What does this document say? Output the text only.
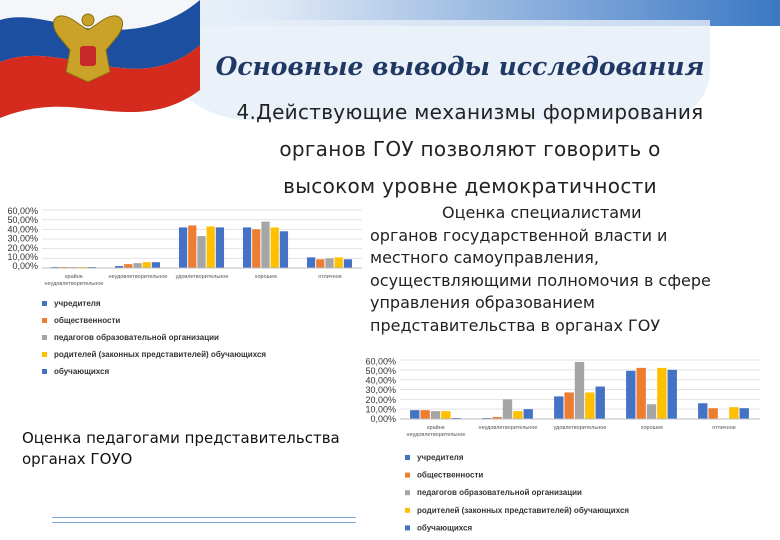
Основные выводы исследования
4.Действующие механизмы формирования
органов ГОУ позволяют говорить о
высоком уровне демократичности
Оценка специалистами
органов государственной власти и
местного самоуправления,
осуществляющими полномочия в сфере
управления образованием
представительства в органах ГОУ
Оценка педагогами представительства
органах ГОУО
60,00%
50,00%
40,00%
30,00%
20,00%
10,00%
0,00%
крайне неудовлетворительное
неудовлетворительное удовлетворительное	хорошее	отличное
учредителя
общественности
педагогов образовательной организации
родителей (законных представителей) обучающихся
обучающихся
0,00%
10,00%
20,00%
30,00%
40,00%
50,00%
60,00%
крайне неудовлетворительное
неудовлетворительное	удовлетворительное	хорошее	отличное
учредителя
общественности
педагогов образовательной организации
родителей (законных представителей) обучающихся
обучающихся
